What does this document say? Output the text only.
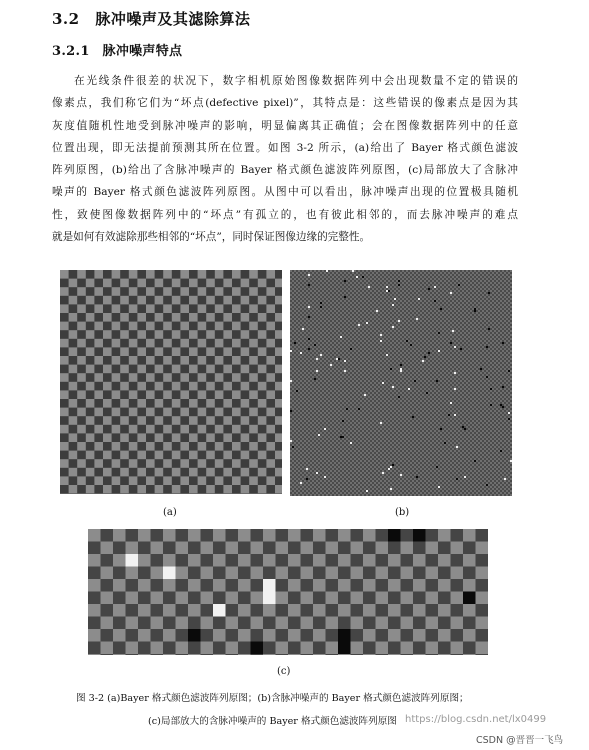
3.2 脉冲噪声及其滤除算法
3.2.1 脉冲噪声特点
在光线条件很差的状况下，数字相机原始图像数据阵列中会出现数量不定的错误的
像素点，我们称它们为“坏点(defective pixel)”，其特点是：这些错误的像素点是因为其
灰度值随机性地受到脉冲噪声的影响，明显偏离其正确值；会在图像数据阵列中的任意
位置出现，即无法提前预测其所在位置。如图 3-2 所示，(a)给出了 Bayer 格式颜色滤波
阵列原图，(b)给出了含脉冲噪声的 Bayer 格式颜色滤波阵列原图，(c)局部放大了含脉冲
噪声的 Bayer 格式颜色滤波阵列原图。从图中可以看出，脉冲噪声出现的位置极具随机
性，致使图像数据阵列中的“坏点”有孤立的，也有彼此相邻的，而去脉冲噪声的难点
就是如何有效滤除那些相邻的“坏点”，同时保证图像边缘的完整性。
(a)	(b)
(c)
图 3-2 (a)Bayer 格式颜色滤波阵列原图；(b)含脉冲噪声的 Bayer 格式颜色滤波阵列原图；
(c)局部放大的含脉冲噪声的 Bayer 格式颜色滤波阵列原图 https://blog.csdn.net/lx0499
CSDN @晋晋一飞鸟
